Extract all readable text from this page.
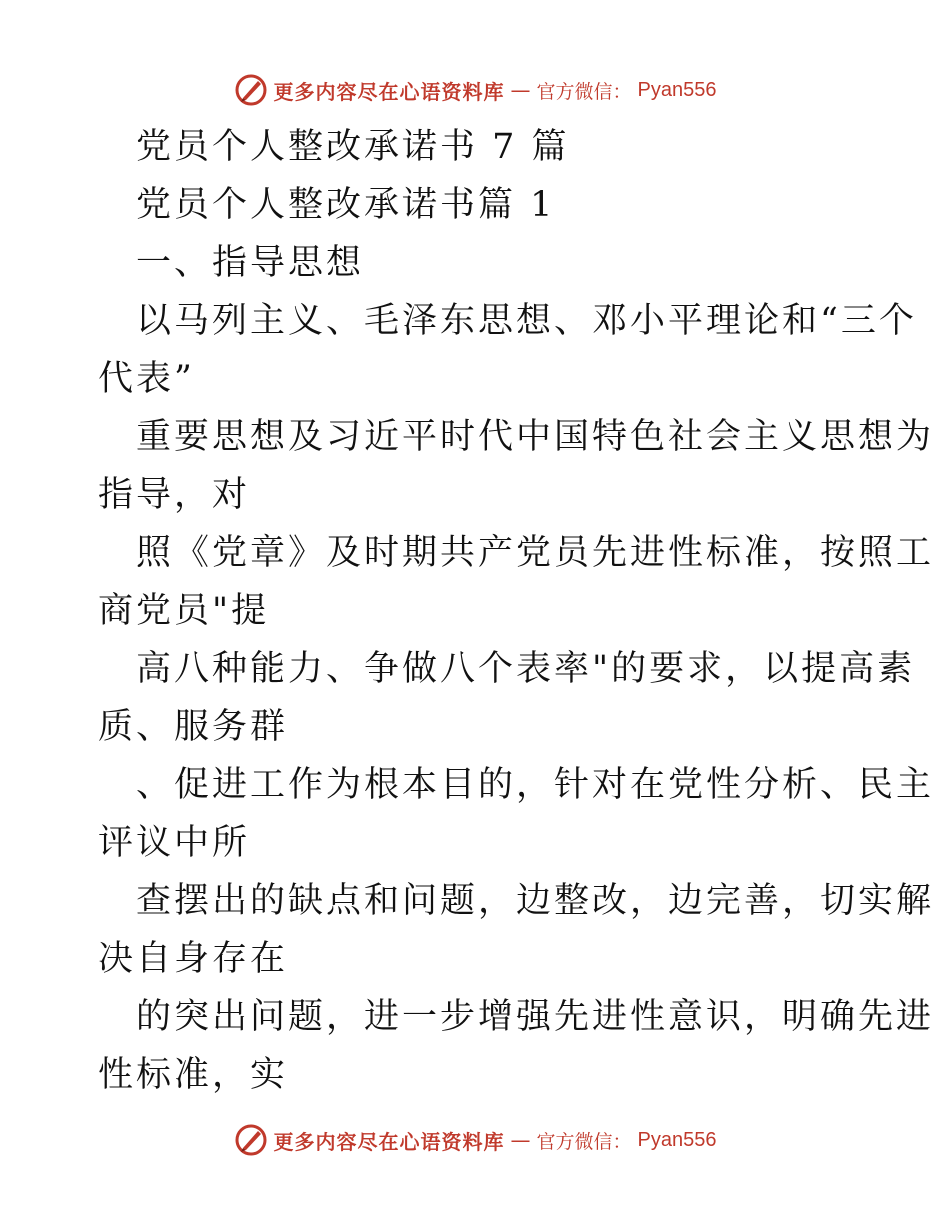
更多内容尽在心语资料库 — 官方微信： Pyan556
党员个人整改承诺书 7 篇
党员个人整改承诺书篇 1
一、指导思想
以马列主义、毛泽东思想、邓小平理论和“三个
代表”
重要思想及习近平时代中国特色社会主义思想为
指导，对
照《党章》及时期共产党员先进性标准，按照工
商党员"提
高八种能力、争做八个表率"的要求，以提高素
质、服务群
、促进工作为根本目的，针对在党性分析、民主
评议中所
查摆出的缺点和问题，边整改，边完善，切实解
决自身存在
的突出问题，进一步增强先进性意识，明确先进
性标准，实
更多内容尽在心语资料库 — 官方微信： Pyan556
